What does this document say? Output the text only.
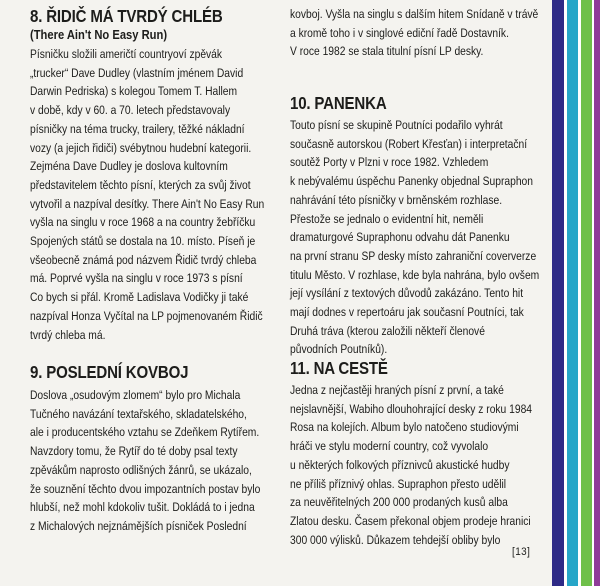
8. ŘIDIČ MÁ TVRDÝ CHLÉB
(There Ain't No Easy Run)
Písničku složili američtí countryoví zpěvák
„trucker“ Dave Dudley (vlastním jménem David
Darwin Pedriska) s kolegou Tomem T. Hallem
v době, kdy v 60. a 70. letech představovaly
písničky na téma trucky, trailery, těžké nákladní
vozy (a jejich řidiči) svébytnou hudební kategorii.
Zejména Dave Dudley je doslova kultovním
představitelem těchto písní, kterých za svůj život
vytvořil a nazpíval desítky. There Ain't No Easy Run
vyšla na singlu v roce 1968 a na country žebříčku
Spojených států se dostala na 10. místo. Píseň je
všeobecně známá pod názvem Řidič tvrdý chleba
má. Poprvé vyšla na singlu v roce 1973 s písní
Co bych si přál. Kromě Ladislava Vodičky ji také
nazpíval Honza Vyčítal na LP pojmenovaném Řidič
tvrdý chleba má.
9. POSLEDNÍ KOVBOJ
Doslova „osudovým zlomem“ bylo pro Michala
Tučného navázání textařského, skladatelského,
ale i producentského vztahu se Zdeňkem Rytířem.
Navzdory tomu, že Rytíř do té doby psal texty
zpěvákům naprosto odlišných žánrů, se ukázalo,
že souznění těchto dvou impozantních postav bylo
hlubší, než mohl kdokoliv tušit. Dokládá to i jedna
z Michalových nejznámějších písniček Poslední
kovboj. Vyšla na singlu s dalším hitem Snídaně v trávě
a kromě toho i v singlové ediční řadě Dostavník.
V roce 1982 se stala titulní písní LP desky.
10. PANENKA
Touto písní se skupině Poutníci podařilo vyhrát
současně autorskou (Robert Křesťan) i interpretační
soutěž Porty v Plzni v roce 1982. Vzhledem
k nebývalému úspěchu Panenky objednal Supraphon
nahrávání této písničky v brněnském rozhlase.
Přestože se jednalo o evidentní hit, neměli
dramaturgové Supraphonu odvahu dát Panenku
na první stranu SP desky místo zahraniční coververze
titulu Město. V rozhlase, kde byla nahrána, bylo ovšem
její vysílání z textových důvodů zakázáno. Tento hit
mají dodnes v repertoáru jak současní Poutníci, tak
Druhá tráva (kterou založili někteří členové
původních Poutníků).
11. NA CESTĚ
Jedna z nejčastěji hraných písní z první, a také
nejslavnější, Wabiho dlouhohrající desky z roku 1984
Rosa na kolejích. Album bylo natočeno studiovými
hráči ve stylu moderní country, což vyvolalo
u některých folkových příznivců akustické hudby
ne příliš příznivý ohlas. Supraphon přesto udělil
za neuvěřitelných 200 000 prodaných kusů alba
Zlatou desku. Časem překonal objem prodeje hranici
300 000 výlisků. Důkazem tehdejší obliby bylo
[13]
